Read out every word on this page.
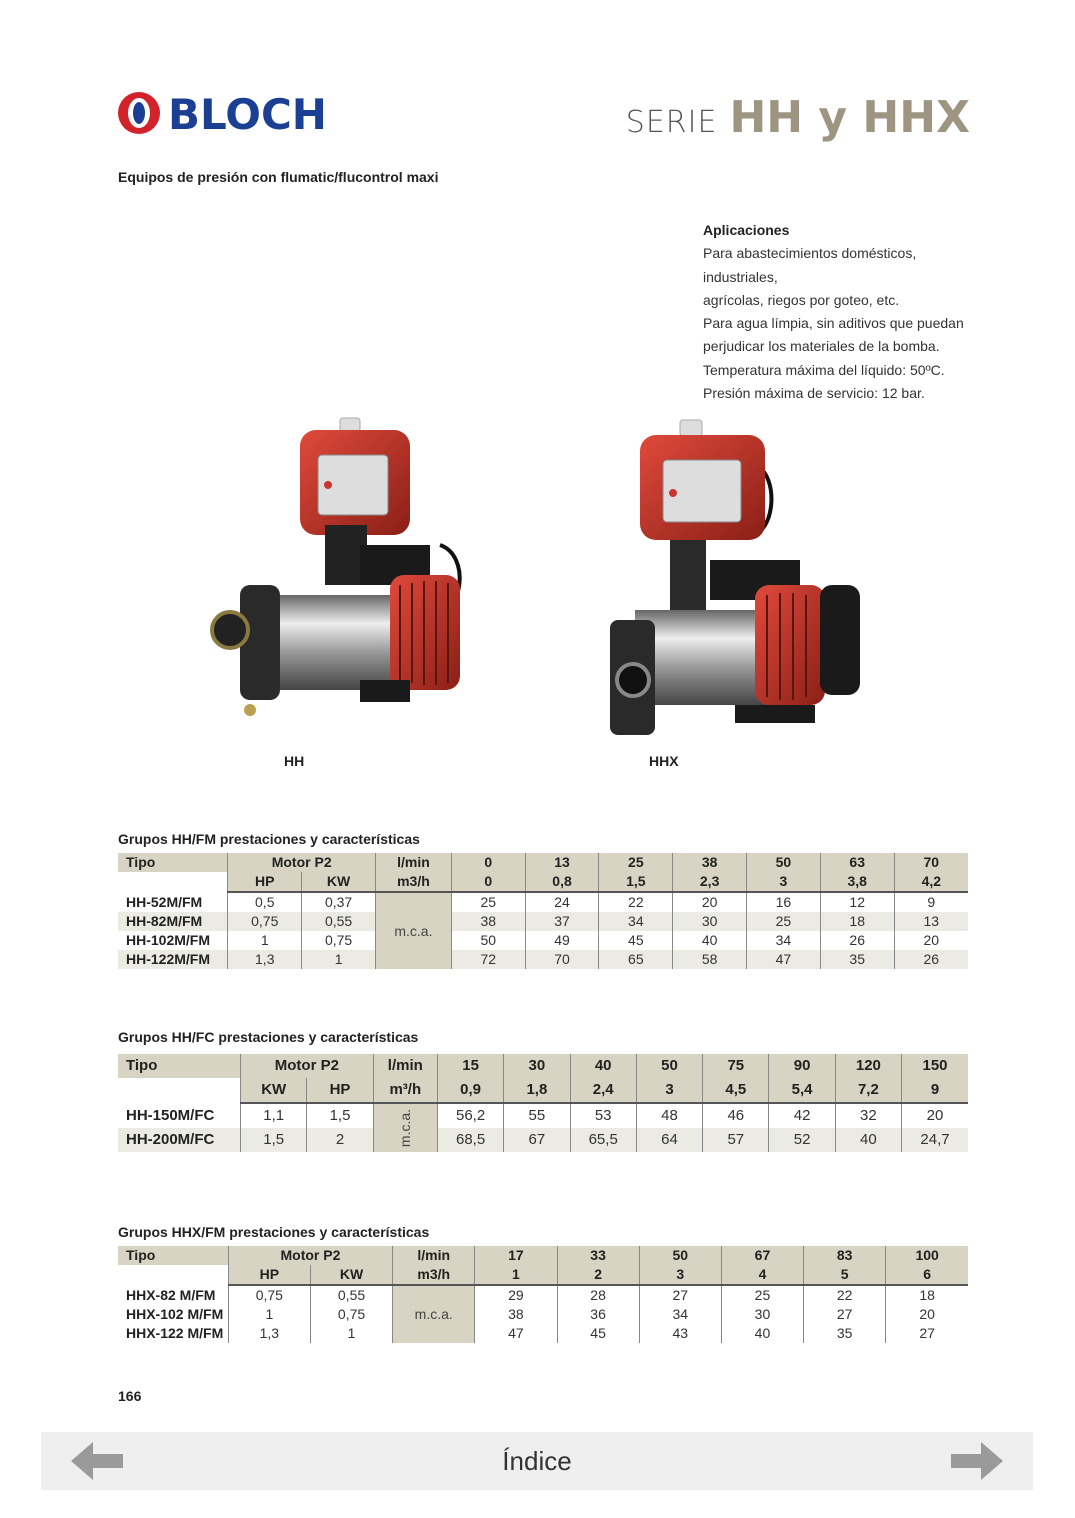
BLOCH	SERIE HH y HHX
Equipos de presión con flumatic/flucontrol maxi
Aplicaciones
Para abastecimientos domésticos, industriales,
agrícolas, riegos por goteo, etc.
Para agua límpia, sin aditivos que puedan
perjudicar los materiales de la bomba.
Temperatura máxima del líquido: 50ºC.
Presión máxima de servicio: 12 bar.
HH	HHX
Grupos HH/FM prestaciones y características
Tipo	Motor P2		l/min	0	13	25	38	50	63	70
	HP	KW	m3/h	0	0,8	1,5	2,3	3	3,8	4,2
HH-52M/FM	0,5	0,37	m.c.a.	25	24	22	20	16	12	9
HH-82M/FM	0,75	0,55		38	37	34	30	25	18	13
HH-102M/FM	1	0,75		50	49	45	40	34	26	20
HH-122M/FM	1,3	1		72	70	65	58	47	35	26
Grupos HH/FC prestaciones y características
Tipo	Motor P2		l/min	15	30	40	50	75	90	120	150
	KW	HP	m³/h	0,9	1,8	2,4	3	4,5	5,4	7,2	9
HH-150M/FC	1,1	1,5	m.c.a.	56,2	55	53	48	46	42	32	20
HH-200M/FC	1,5	2		68,5	67	65,5	64	57	52	40	24,7
Grupos HHX/FM prestaciones y características
Tipo	Motor P2		l/min	17	33	50	67	83	100
	HP	KW	m3/h	1	2	3	4	5	6
HHX-82 M/FM	0,75	0,55	m.c.a.	29	28	27	25	22	18
HHX-102 M/FM	1	0,75		38	36	34	30	27	20
HHX-122 M/FM	1,3	1		47	45	43	40	35	27
166
Índice
